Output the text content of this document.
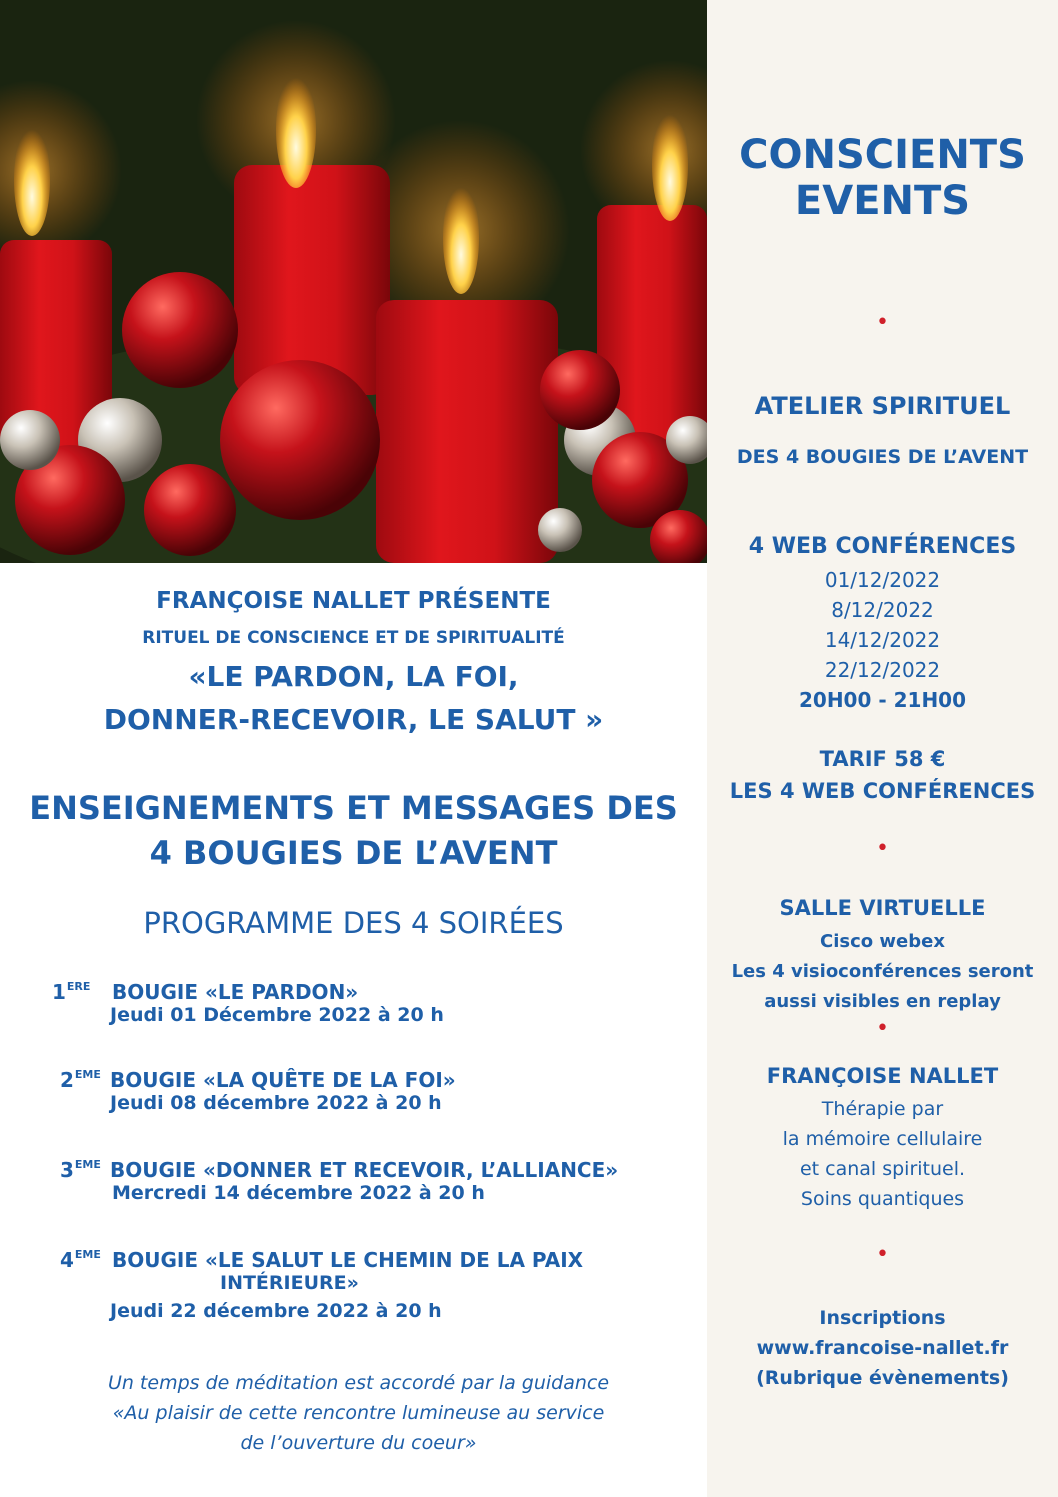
FRANÇOISE NALLET PRÉSENTE
RITUEL DE CONSCIENCE ET DE SPIRITUALITÉ
«LE PARDON, LA FOI,
DONNER-RECEVOIR, LE SALUT »
ENSEIGNEMENTS ET MESSAGES DES
4 BOUGIES DE L’AVENT
PROGRAMME DES 4 SOIRÉES
1ERE BOUGIE «LE PARDON»
Jeudi 01 Décembre 2022 à 20 h
2EME BOUGIE «LA QUÊTE DE LA FOI»
Jeudi 08 décembre 2022 à 20 h
3EME BOUGIE «DONNER ET RECEVOIR, L’ALLIANCE»
Mercredi 14 décembre 2022 à 20 h
4EME BOUGIE «LE SALUT LE CHEMIN DE LA PAIX
INTÉRIEURE»
Jeudi 22 décembre 2022 à 20 h
Un temps de méditation est accordé par la guidance
«Au plaisir de cette rencontre lumineuse au service
de l’ouverture du coeur»
CONSCIENTS
EVENTS
•
ATELIER SPIRITUEL
DES 4 BOUGIES DE L’AVENT
4 WEB CONFÉRENCES
01/12/2022
8/12/2022
14/12/2022
22/12/2022
20H00 - 21H00
TARIF 58 €
LES 4 WEB CONFÉRENCES
•
SALLE VIRTUELLE
Cisco webex
Les 4 visioconférences seront
aussi visibles en replay
•
FRANÇOISE NALLET
Thérapie par
la mémoire cellulaire
et canal spirituel.
Soins quantiques
•
Inscriptions
www.francoise-nallet.fr
(Rubrique évènements)
